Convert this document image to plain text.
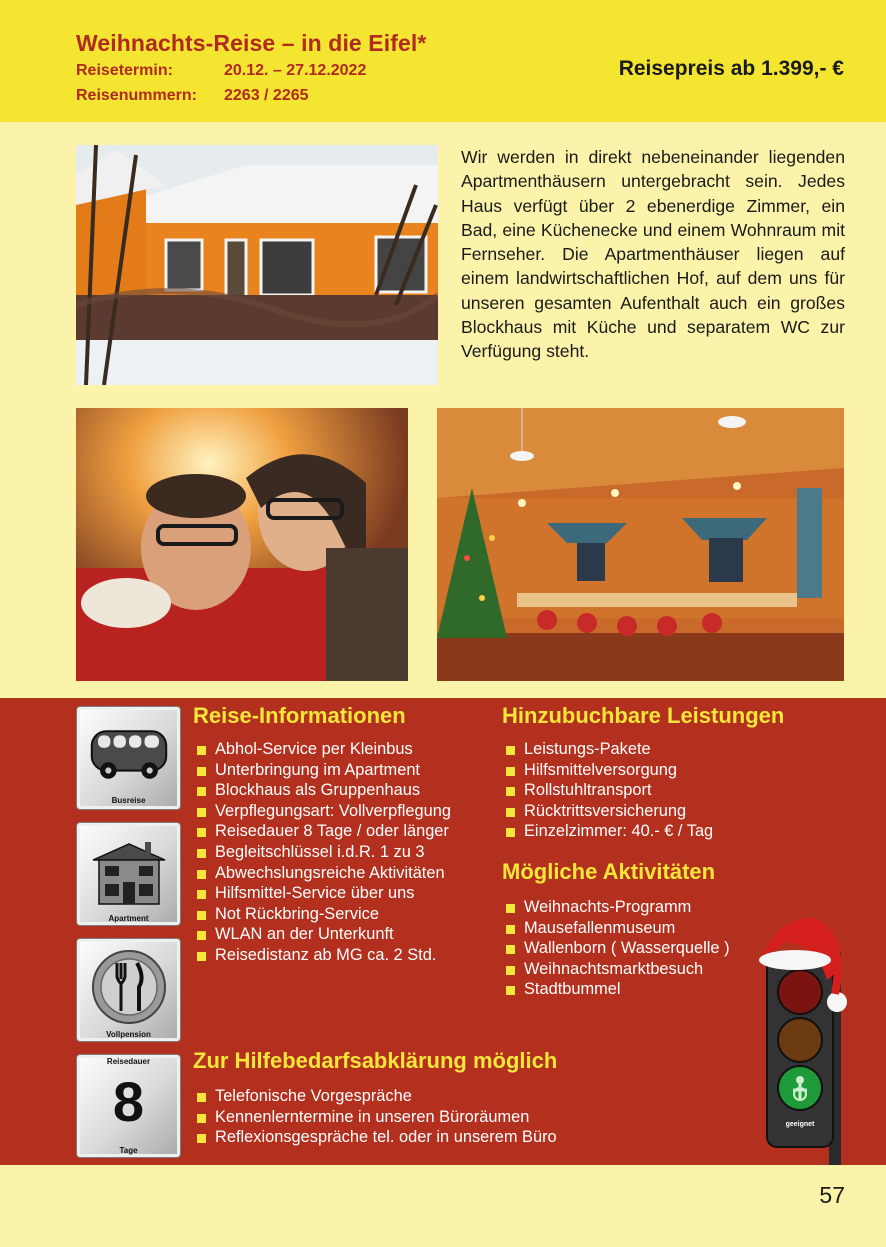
Weihnachts-Reise – in die Eifel*
Reisetermin:	20.12. – 27.12.2022
Reisenummern: 2263 / 2265
Reisepreis ab 1.399,- €
Wir werden in direkt nebeneinander liegenden Apartmenthäusern untergebracht sein. Jedes Haus verfügt über 2 ebenerdige Zimmer, ein Bad, eine Küchenecke und einem Wohnraum mit Fernseher. Die Apartmenthäuser liegen auf einem landwirtschaftlichen Hof, auf dem uns für unseren gesamten Aufenthalt auch ein großes Blockhaus mit Küche und separatem WC zur Verfügung steht.
Busreise
Apartment
Vollpension
Reisedauer
8
Tage
Reise-Informationen
Abhol-Service per Kleinbus
Unterbringung im Apartment
Blockhaus als Gruppenhaus
Verpflegungsart: Vollverpflegung
Reisedauer 8 Tage / oder länger
Begleitschlüssel i.d.R. 1 zu 3
Abwechslungsreiche Aktivitäten
Hilfsmittel-Service über uns
Not Rückbring-Service
WLAN an der Unterkunft
Reisedistanz ab MG ca. 2 Std.
Hinzubuchbare Leistungen
Leistungs-Pakete
Hilfsmittelversorgung
Rollstuhltransport
Rücktrittsversicherung
Einzelzimmer: 40.- € / Tag
Mögliche Aktivitäten
Weihnachts-Programm
Mausefallenmuseum
Wallenborn ( Wasserquelle )
Weihnachtsmarktbesuch
Stadtbummel
Zur Hilfebedarfsabklärung möglich
Telefonische Vorgespräche
Kennenlerntermine in unseren Büroräumen
Reflexionsgespräche tel. oder in unserem Büro
geeignet
57
